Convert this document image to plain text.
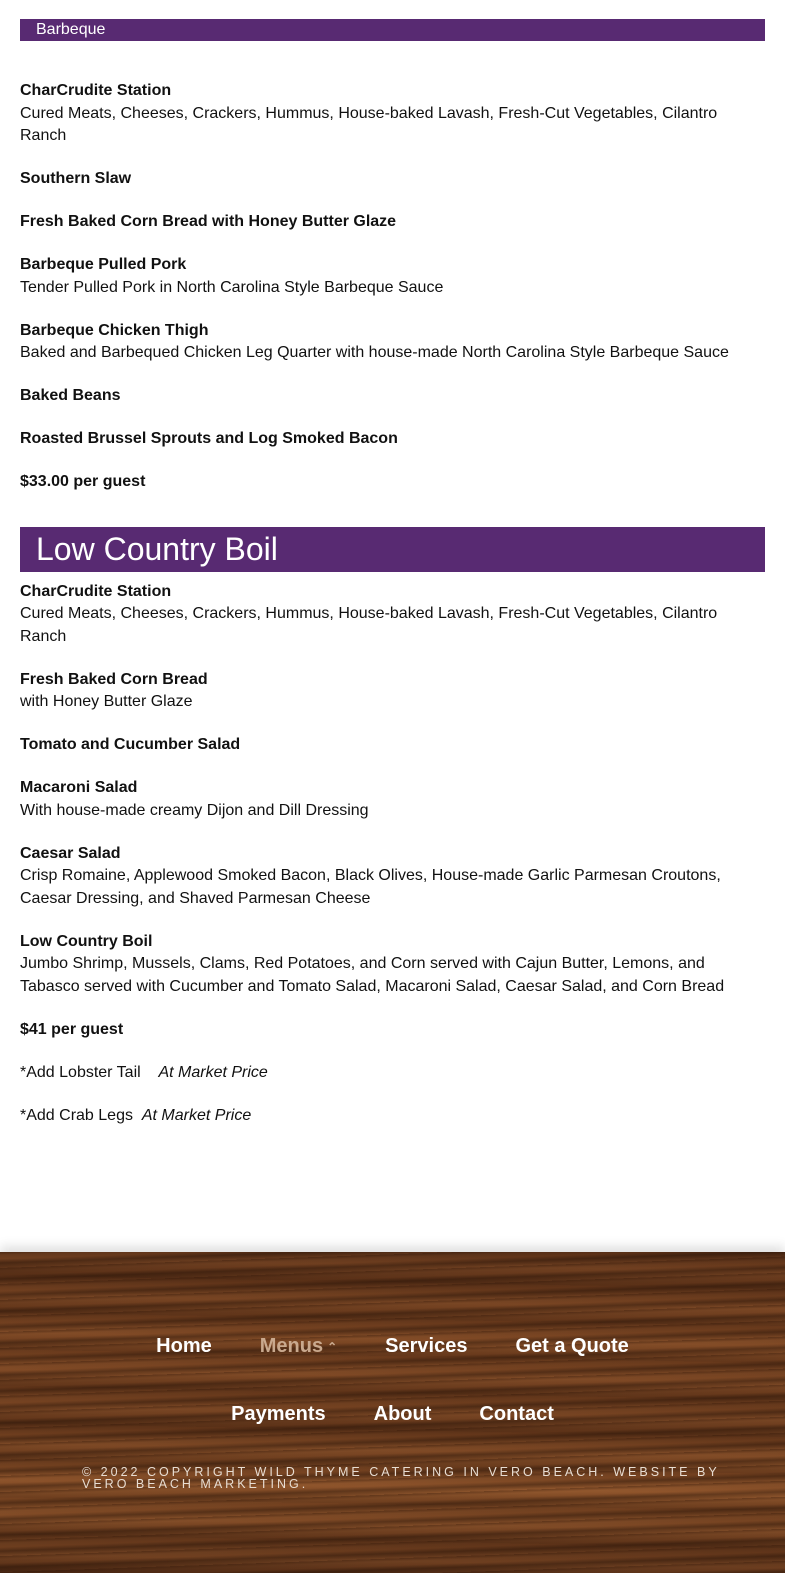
Barbeque
CharCrudite Station
Cured Meats, Cheeses, Crackers, Hummus, House-baked Lavash, Fresh-Cut Vegetables, Cilantro Ranch
Southern Slaw
Fresh Baked Corn Bread with Honey Butter Glaze
Barbeque Pulled Pork
Tender Pulled Pork in North Carolina Style Barbeque Sauce
Barbeque Chicken Thigh
Baked and Barbequed Chicken Leg Quarter with house-made North Carolina Style Barbeque Sauce
Baked Beans
Roasted Brussel Sprouts and Log Smoked Bacon
$33.00 per guest
Low Country Boil
CharCrudite Station
Cured Meats, Cheeses, Crackers, Hummus, House-baked Lavash, Fresh-Cut Vegetables, Cilantro Ranch
Fresh Baked Corn Bread
with Honey Butter Glaze
Tomato and Cucumber Salad
Macaroni Salad
With house-made creamy Dijon and Dill Dressing
Caesar Salad
Crisp Romaine, Applewood Smoked Bacon, Black Olives, House-made Garlic Parmesan Croutons, Caesar Dressing, and Shaved Parmesan Cheese
Low Country Boil
Jumbo Shrimp, Mussels, Clams, Red Potatoes, and Corn served with Cajun Butter, Lemons, and Tabasco served with Cucumber and Tomato Salad, Macaroni Salad, Caesar Salad, and Corn Bread
$41 per guest
*Add Lobster Tail At Market Price
*Add Crab Legs At Market Price
Home Menus ⌃ Services Get a Quote
Payments About Contact
© 2022 COPYRIGHT WILD THYME CATERING IN VERO BEACH. WEBSITE BY VERO BEACH MARKETING.
